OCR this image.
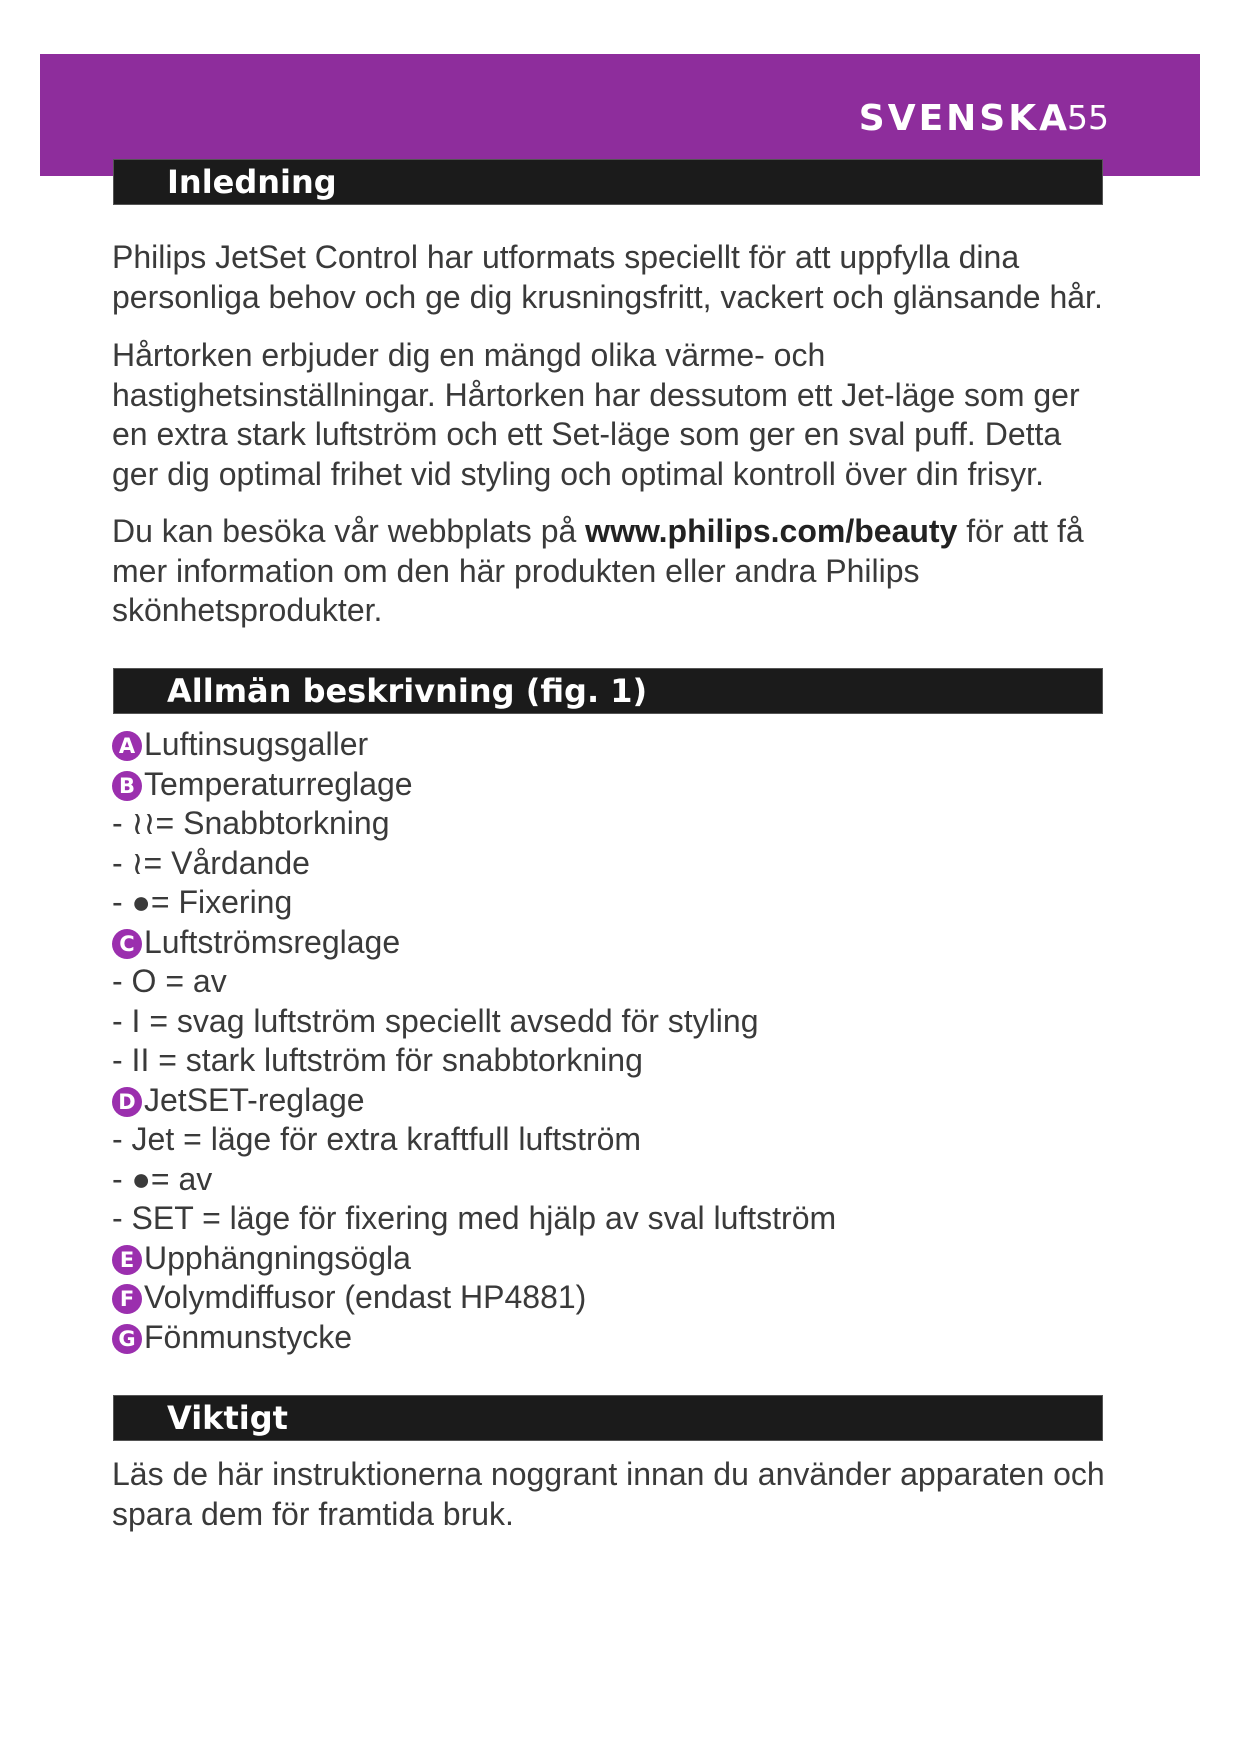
SVENSKA
55
Inledning

Philips JetSet Control har utformats speciellt för att uppfylla dina personliga behov och ge dig krusningsfritt, vackert och glänsande hår.

Hårtorken erbjuder dig en mängd olika värme- och hastighetsinställningar. Hårtorken har dessutom ett Jet-läge som ger en extra stark luftström och ett Set-läge som ger en sval puff. Detta ger dig optimal frihet vid styling och optimal kontroll över din frisyr.

Du kan besöka vår webbplats på www.philips.com/beauty för att få mer information om den här produkten eller andra Philips skönhetsprodukter.

Allmän beskrivning (fig. 1)
A Luftinsugsgaller
B Temperaturreglage
- ≀≀= Snabbtorkning
- ≀= Vårdande
- ●= Fixering
C Luftströmsreglage
- O = av
- I = svag luftström speciellt avsedd för styling
- II = stark luftström för snabbtorkning
D JetSET-reglage
- Jet = läge för extra kraftfull luftström
- ●= av
- SET = läge för fixering med hjälp av sval luftström
E Upphängningsögla
F Volymdiffusor (endast HP4881)
G Fönmunstycke
Viktigt

Läs de här instruktionerna noggrant innan du använder apparaten och spara dem för framtida bruk.
